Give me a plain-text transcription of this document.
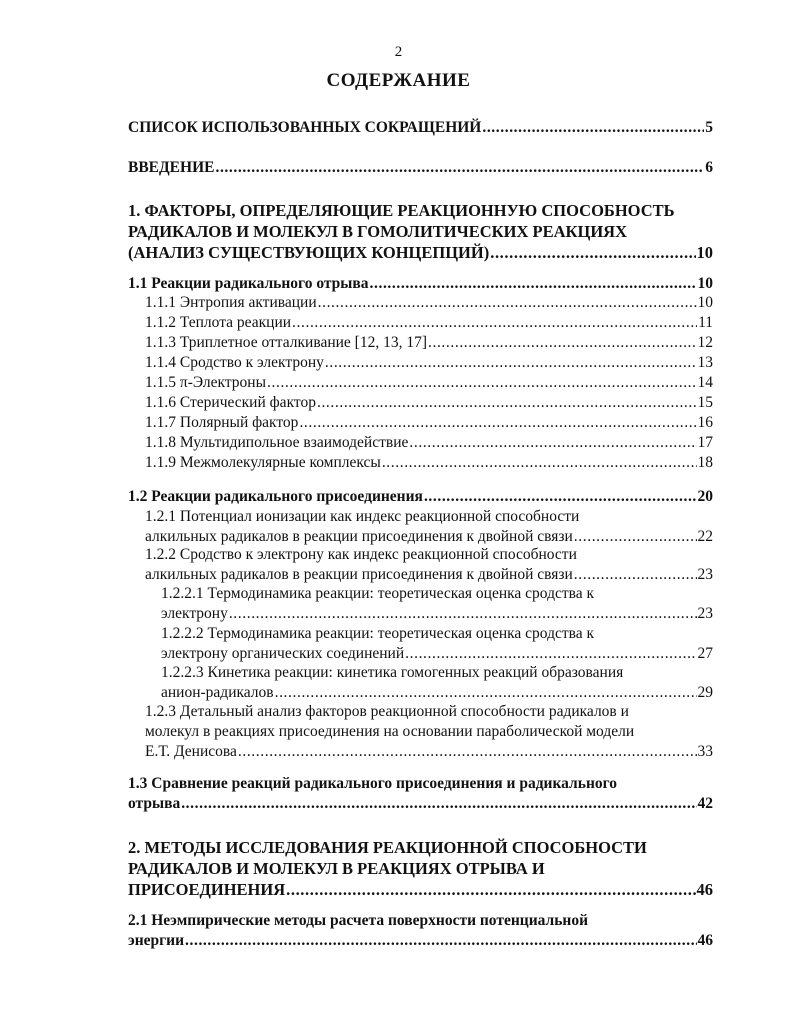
2
СОДЕРЖАНИЕ
СПИСОК ИСПОЛЬЗОВАННЫХ СОКРАЩЕНИЙ .....	5
ВВЕДЕНИЕ .....	6
1. ФАКТОРЫ, ОПРЕДЕЛЯЮЩИЕ РЕАКЦИОННУЮ СПОСОБНОСТЬ
РАДИКАЛОВ И МОЛЕКУЛ В ГОМОЛИТИЧЕСКИХ РЕАКЦИЯХ
(АНАЛИЗ СУЩЕСТВУЮЩИХ КОНЦЕПЦИЙ) .....	10
1.1 Реакции радикального отрыва .....	10
1.1.1 Энтропия активации .....	10
1.1.2 Теплота реакции .....	11
1.1.3 Триплетное отталкивание [12, 13, 17] .....	12
1.1.4 Сродство к электрону .....	13
1.1.5 π-Электроны .....	14
1.1.6 Стерический фактор .....	15
1.1.7 Полярный фактор .....	16
1.1.8 Мультидипольное взаимодействие .....	17
1.1.9 Межмолекулярные комплексы .....	18
1.2 Реакции радикального присоединения .....	20
1.2.1 Потенциал ионизации как индекс реакционной способности
алкильных радикалов в реакции присоединения к двойной связи .....	22
1.2.2 Сродство к электрону как индекс реакционной способности
алкильных радикалов в реакции присоединения к двойной связи .....	23
1.2.2.1 Термодинамика реакции: теоретическая оценка сродства к
электрону .....	23
1.2.2.2 Термодинамика реакции: теоретическая оценка сродства к
электрону органических соединений .....	27
1.2.2.3 Кинетика реакции: кинетика гомогенных реакций образования
анион-радикалов .....	29
1.2.3 Детальный анализ факторов реакционной способности радикалов и
молекул в реакциях присоединения на основании параболической модели
Е.Т. Денисова .....	33
1.3 Сравнение реакций радикального присоединения и радикального
отрыва .....	42
2. МЕТОДЫ ИССЛЕДОВАНИЯ РЕАКЦИОННОЙ СПОСОБНОСТИ
РАДИКАЛОВ И МОЛЕКУЛ В РЕАКЦИЯХ ОТРЫВА И
ПРИСОЕДИНЕНИЯ .....	46
2.1 Неэмпирические методы расчета поверхности потенциальной
энергии .....	46
